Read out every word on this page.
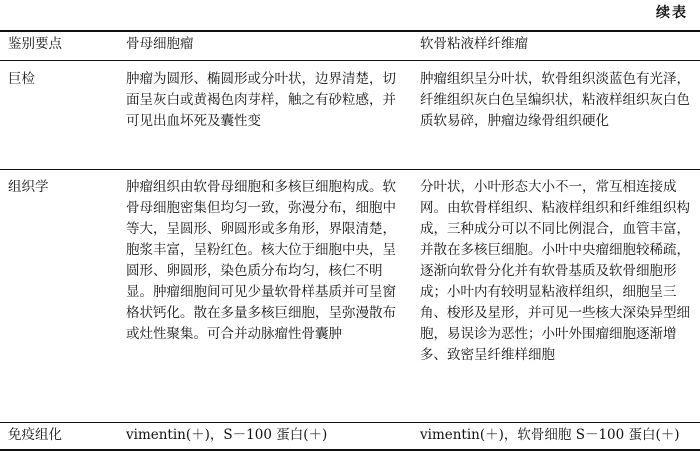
续表
鉴别要点	骨母细胞瘤	软骨粘液样纤维瘤
巨检	肿瘤为圆形、椭圆形或分叶状，边界清楚，切面呈灰白或黄褐色肉芽样，触之有砂粒感，并可见出血坏死及囊性变	肿瘤组织呈分叶状，软骨组织淡蓝色有光泽，纤维组织灰白色呈编织状，粘液样组织灰白色质软易碎，肿瘤边缘骨组织硬化
组织学	肿瘤组织由软骨母细胞和多核巨细胞构成。软骨母细胞密集但均匀一致，弥漫分布，细胞中等大，呈圆形、卵圆形或多角形，界限清楚，胞浆丰富，呈粉红色。核大位于细胞中央，呈圆形、卵圆形，染色质分布均匀，核仁不明显。肿瘤细胞间可见少量软骨样基质并可呈窗格状钙化。散在多量多核巨细胞，呈弥漫散布或灶性聚集。可合并动脉瘤性骨囊肿	分叶状，小叶形态大小不一，常互相连接成网。由软骨样组织、粘液样组织和纤维组织构成，三种成分可以不同比例混合，血管丰富，并散在多核巨细胞。小叶中央瘤细胞较稀疏，逐渐向软骨分化并有软骨基质及软骨细胞形成；小叶内有较明显粘液样组织，细胞呈三角、梭形及星形，并可见一些核大深染异型细胞，易误诊为恶性；小叶外围瘤细胞逐渐增多、致密呈纤维样细胞
免疫组化	vimentin(＋)，S－100 蛋白(＋)	vimentin(＋)，软骨细胞 S－100 蛋白(＋)
